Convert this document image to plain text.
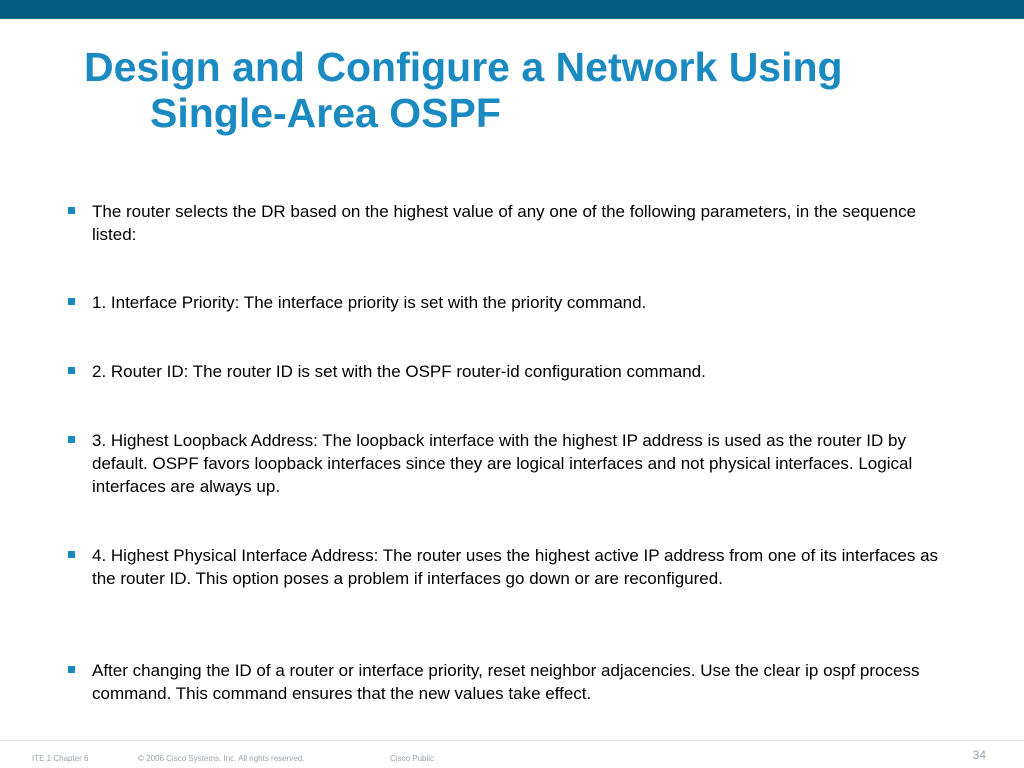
Design and Configure a Network Using
Single-Area OSPF
The router selects the DR based on the highest value of any one of the following parameters, in the sequence listed:
1. Interface Priority: The interface priority is set with the priority command.
2. Router ID: The router ID is set with the OSPF router-id configuration command.
3. Highest Loopback Address: The loopback interface with the highest IP address is used as the router ID by default. OSPF favors loopback interfaces since they are logical interfaces and not physical interfaces. Logical interfaces are always up.
4. Highest Physical Interface Address: The router uses the highest active IP address from one of its interfaces as the router ID. This option poses a problem if interfaces go down or are reconfigured.
After changing the ID of a router or interface priority, reset neighbor adjacencies. Use the clear ip ospf process command. This command ensures that the new values take effect.
ITE 1 Chapter 6	© 2006 Cisco Systems, Inc. All rights reserved.	Cisco Public	34
